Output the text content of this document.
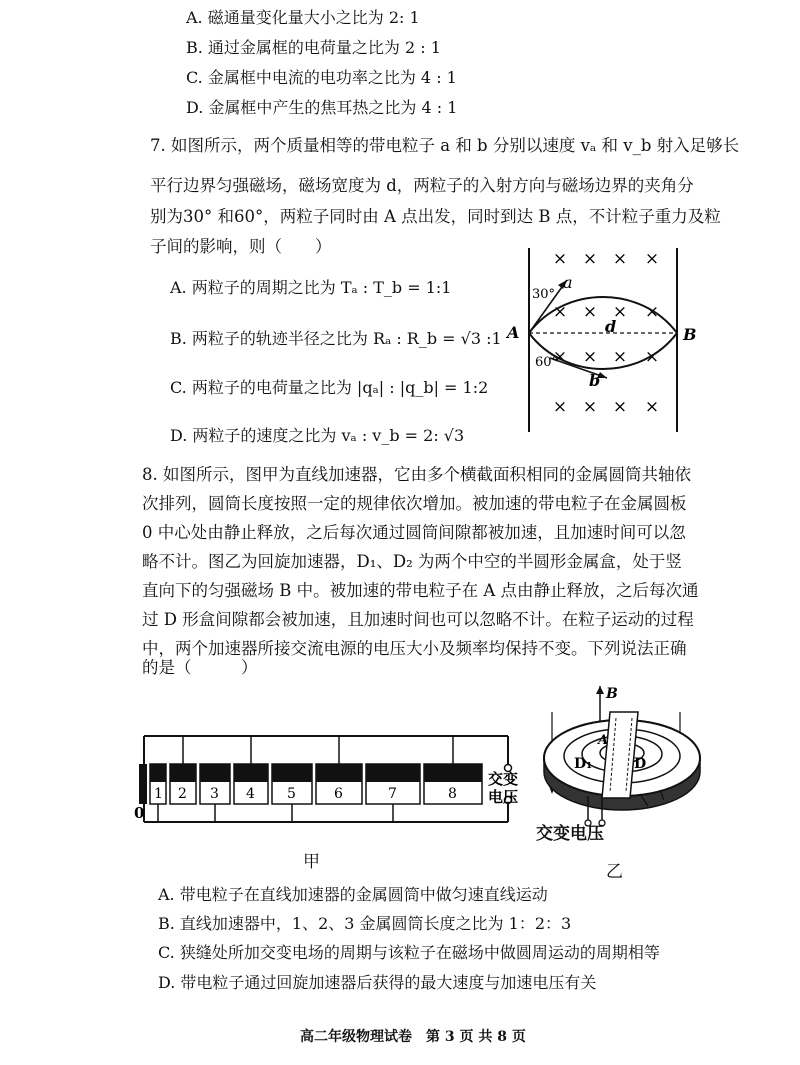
A. 磁通量变化量大小之比为 2: 1
B. 通过金属框的电荷量之比为 2 : 1
C. 金属框中电流的电功率之比为 4 : 1
D. 金属框中产生的焦耳热之比为 4 : 1
7. 如图所示，两个质量相等的带电粒子 a 和 b 分别以速度 vₐ 和 v_b 射入足够长
平行边界匀强磁场，磁场宽度为 d，两粒子的入射方向与磁场边界的夹角分
别为30° 和60°，两粒子同时由 A 点出发，同时到达 B 点，不计粒子重力及粒
子间的影响，则（　　）
A. 两粒子的周期之比为 Tₐ : T_b = 1:1
B. 两粒子的轨迹半径之比为 Rₐ : R_b = √3 :1
C. 两粒子的电荷量之比为 |qₐ| : |q_b| = 1:2
D. 两粒子的速度之比为 vₐ : v_b = 2: √3
× × × ×
× × × ×
× × × ×
× × × ×
A	B
a
b
d
30°
60°
8. 如图所示，图甲为直线加速器，它由多个横截面积相同的金属圆筒共轴依
次排列，圆筒长度按照一定的规律依次增加。被加速的带电粒子在金属圆板
0 中心处由静止释放，之后每次通过圆筒间隙都被加速，且加速时间可以忽
略不计。图乙为回旋加速器，D₁、D₂ 为两个中空的半圆形金属盒，处于竖
直向下的匀强磁场 B 中。被加速的带电粒子在 A 点由静止释放，之后每次通
过 D 形盒间隙都会被加速，且加速时间也可以忽略不计。在粒子运动的过程
中，两个加速器所接交流电源的电压大小及频率均保持不变。下列说法正确
的是（　　　）
0
1 2 3 4 5	6	7	8
交变
电压
甲
B
A
D₁	D
交变电压
乙
A. 带电粒子在直线加速器的金属圆筒中做匀速直线运动
B. 直线加速器中，1、2、3 金属圆筒长度之比为 1：2：3
C. 狭缝处所加交变电场的周期与该粒子在磁场中做圆周运动的周期相等
D. 带电粒子通过回旋加速器后获得的最大速度与加速电压有关
高二年级物理试卷　第 3 页 共 8 页
